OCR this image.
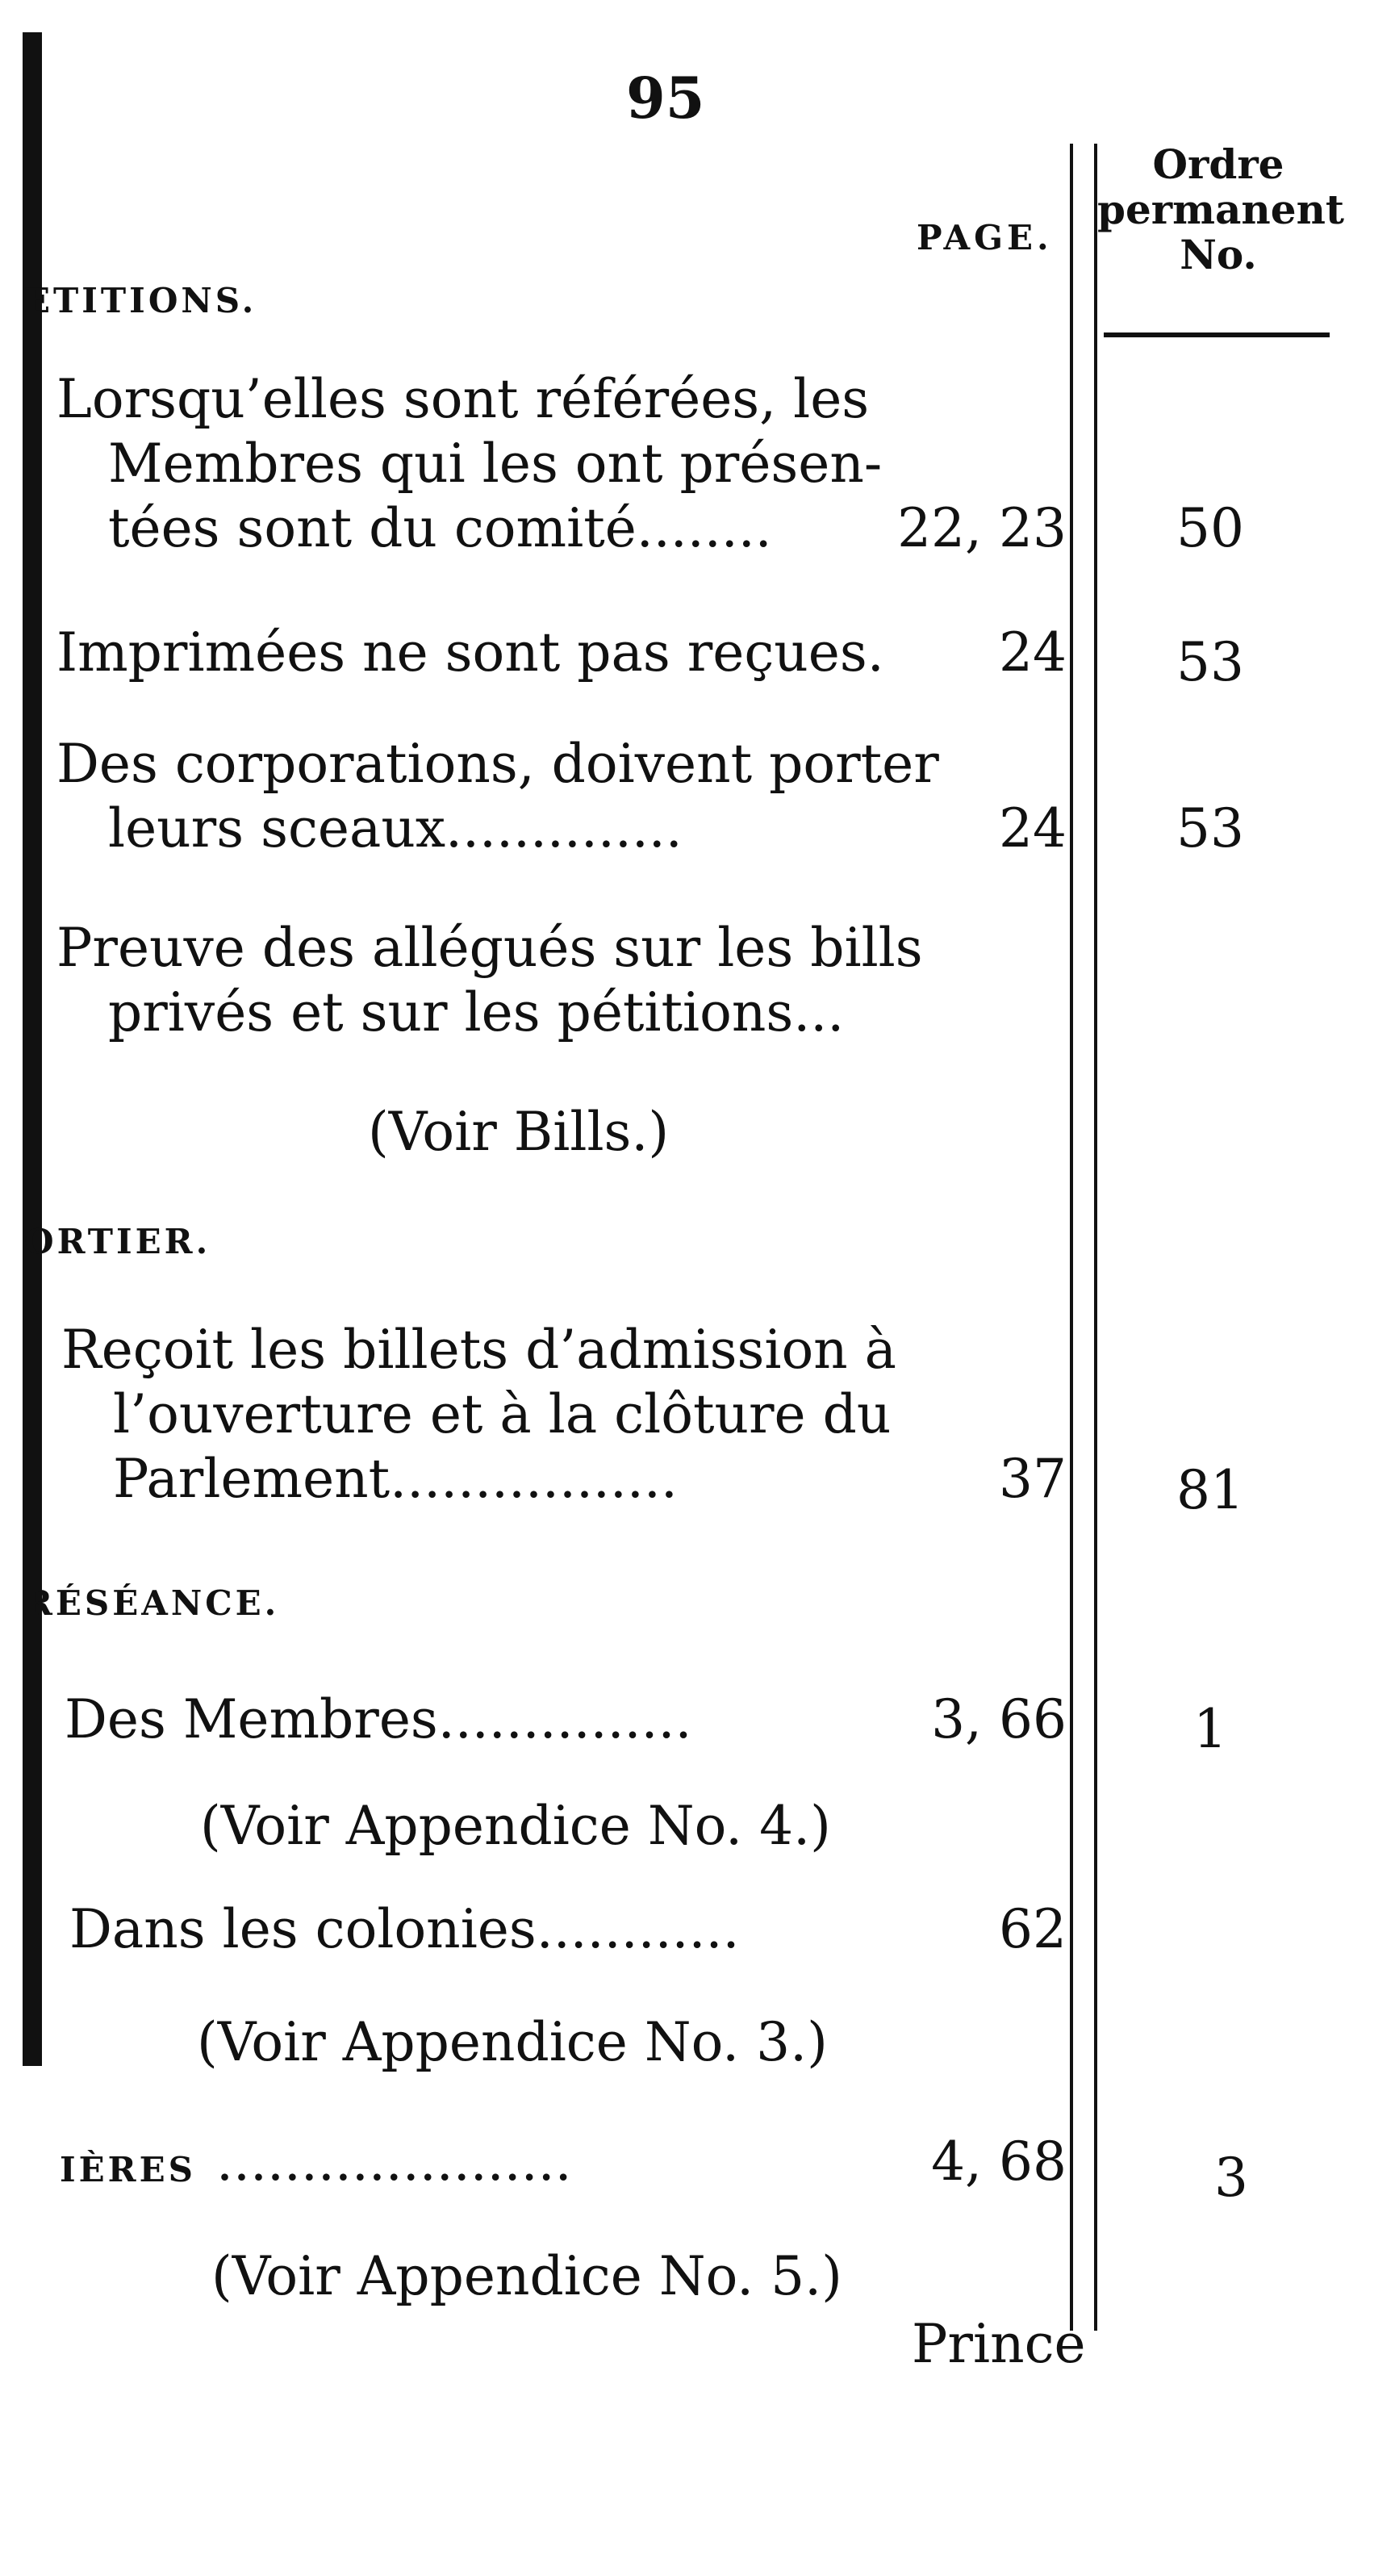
95
PAGE.
Ordre
permanent
No.
ETITIONS.
Lorsqu’elles sont référées, les
Membres qui les ont présen-
tées sont du comité........	22, 23	50
Imprimées ne sont pas reçues.	24	53
Des corporations, doivent porter
leurs sceaux..............	24	53
Preuve des allégués sur les bills
privés et sur les pétitions...
(Voir Bills.)
ORTIER.
Reçoit les billets d’admission à
l’ouverture et à la clôture du
Parlement.................	37	81
RÉSÉANCE.
Des Membres...............	3, 66	1
(Voir Appendice No. 4.)
Dans les colonies............	62
(Voir Appendice No. 3.)
IÈRES .....................	4, 68	3
(Voir Appendice No. 5.)
Prince
